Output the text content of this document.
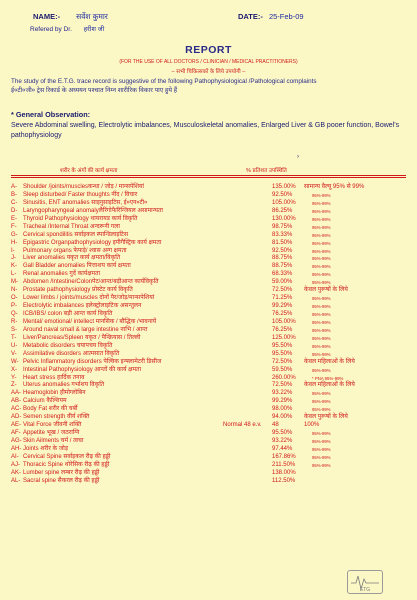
NAME:- सर्वेश कुमार	DATE:- 25-Feb-09
Refered by Dr. हरीश जी
REPORT
(FOR THE USE OF ALL DOCTORS / CLINICIAN / MEDICAL PRACTITIONERS)
– सभी चिकित्सकों के लिये उपयोगी –
The study of the E.T.G. trace record is suggestive of the following Pathophysiological /Pathological complaints
ई०टी०जी० ट्रेस रिकार्ड के अध्ययन पश्चात निम्न शारीरिक विकार पाए हुये हैं
* General Observation:
Severe Abdominal swelling, Electrolytic imbalances, Musculoskeletal anomalies, Enlarged Liver & GB pooer function, Bowel's pathophysiology
›
शरीर के अंगों की कार्य क्षमता	% प्रतिशत उपस्थिति
A- Shoulder /joints/musclesकन्धा / जोड़ / मान्सपेशियां	135.00% सामान्य वैल्यू 95% से 99%
B- Sleep disturbed/ Faster thoughts नींद / विचार	92.50%	95%-99%
C- Sinusitis, ENT anomalies साइनुसाइटिस, ई०एन०टी०	105.00%	95%-99%
D- Laryngopharyngeal anomalyलैरिंगोफैरिन्जियल असामान्यता	86.25%	95%-99%
E- Thyroid Pathophysiology थायरायड कार्य विकृति	130.00%	95%-99%
F- Tracheal /Internal Throat अन्दरूनी गला	98.75%	95%-99%
G- Cervical spondilitis सर्वाइकल स्पान्डिलाइटिस	83.33%	95%-99%
H- Epigastric Organpathophysiology इपीगैस्ट्रिक कार्य क्षमता	81.50%	95%-99%
I- Pulmonary organs फेफड़े/ श्वास अन्ग क्षमता	92.50%	95%-99%
J- Liver anomalies यकृत कार्य क्षमता/विकृति	88.75%	95%-99%
K- Gall Bladder anomalies पित्ताशय कार्य क्षमता	88.75%	95%-99%
L- Renal anomalies गुर्दे कार्यक्षमता	68.33%	95%-99%
M- Abdomen /Intestine/Colonपेट/आन्त/बड़ीआन्त कार्यविकृति	59.00%	95%-99%
N- Prostate pathophysiology प्रोस्टेट कार्य विकृति	72.50% केवल पुरूषों के लिये
O- Lower limbs / joints/muscles दोनों पैर/जोड़/मान्सपेशियां	71.25%	95%-99%
P- Electrolytic imbalances इलेक्ट्रोलाइटिक असन्तुलन	99.29%	95%-99%
Q- ICB/IBS/ colon बड़ी आन्त कार्य विकृति	76.25%	95%-99%
R- Mental/ emotional/ intellect मानसिक / बौद्धिक /भावनायें	105.00%	95%-99%
S- Around naval small & large intestine नाभि / आन्त	76.25%	95%-99%
T- Liver/Pancreas/Spleen यकृत / पैन्क्रियास / तिल्ली	125.00%	95%-99%
U- Metabolic disorders चयापचय विकृति	95.50%	95%-99%
V- Assimilative disorders आत्मसात विकृति	95.50%	95%-99%
W- Pelvic Inflammatory disorders पेल्विक इन्फ्लामेटरी डिसीज	72.50% केवल महिलाओं के लिये
X- Intestinal Pathophysiology आन्तों की कार्य क्षमता	59.50%	95%-99%
Y- Heart stress हार्दिक तनाव	260.00%	* PNA 95%-99%
Z- Uterus anomalies गर्भाशय विकृति	72.50% केवल महिलाओं के लिये
AA- Heamoglobin हीमोग्लोबिन	93.22%	95%-99%
AB- Calcium कैल्शियम	99.29%	95%-99%
AC- Body Fat शरीर की चर्बी	98.00%	95%-99%
AD- Semen strength वीर्य शक्ति	94.00% केवल पुरूषों के लिये
AE- Vital Force जीवनी शक्ति	Normal 48 e.v. 48	100%
AF- Appetite भूख / जठराग्नि	95.50%	95%-99%
AG- Skin Ailments चर्म / त्वचा	93.22%	95%-99%
AH- Joints शरीर के जोड़	97.44%	95%-99%
AI- Cervical Spine सर्वाइकल रीढ़ की हड्डी	167.86%	95%-99%
AJ- Thoracic Spine थोरेसिक रीढ़ की हड्डी	211.50%	95%-99%
AK- Lumber spine लम्बर रीढ़ की हड्डी	138.00%
AL- Sacral spine सैकरल रीढ़ की हड्डी	112.50%
ETG
